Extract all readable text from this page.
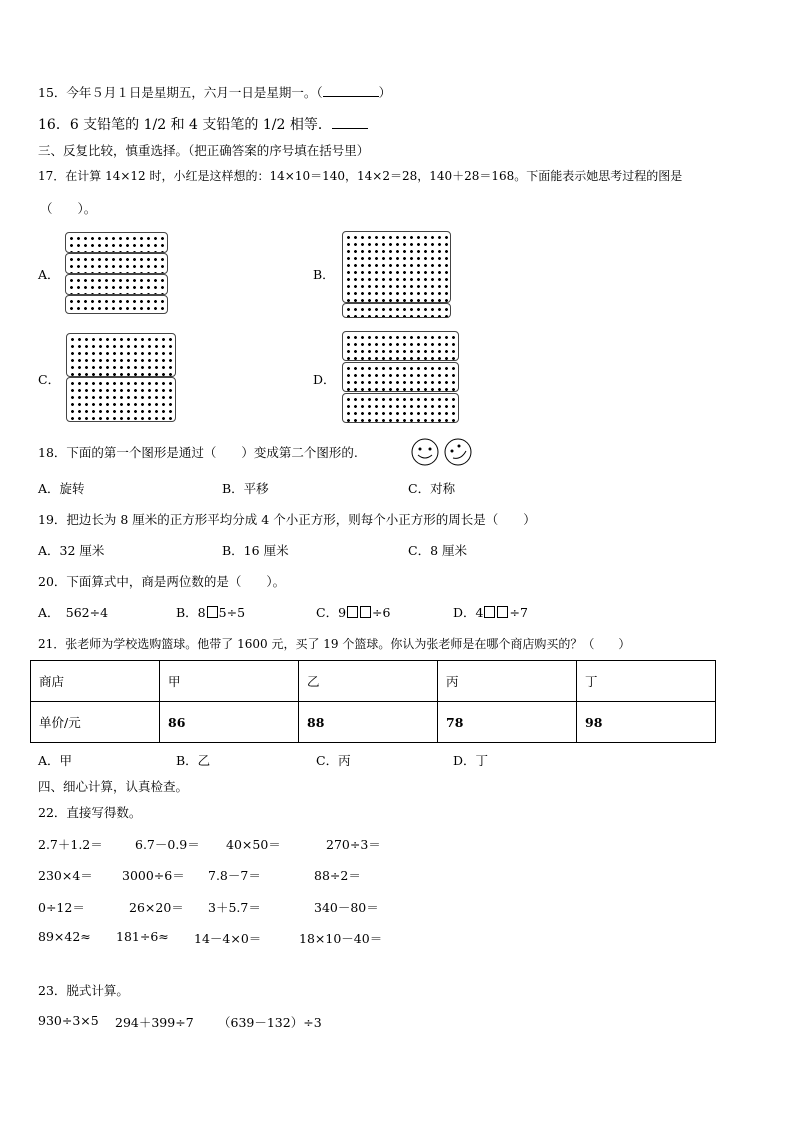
15．今年５月１日是星期五，六月一日是星期一。（	）
16．6 支铅笔的 1/2 和 4 支铅笔的 1/2 相等．
三、反复比较，慎重选择。（把正确答案的序号填在括号里）
17．在计算 14×12 时，小红是这样想的：14×10＝140，14×2＝28，140＋28＝168。下面能表示她思考过程的图是
（　　）。
A．	B．
C．	D．
18．下面的第一个图形是通过（　　）变成第二个图形的.
A．旋转	B．平移	C．对称
19．把边长为 8 厘米的正方形平均分成 4 个小正方形，则每个小正方形的周长是（　　）
A．32 厘米	B．16 厘米	C．8 厘米
20．下面算式中，商是两位数的是（　　）。
A．　562÷4	B．8 5÷5	C．9 ÷6	D．4 ÷7
21．张老师为学校选购篮球。他带了 1600 元，买了 19 个篮球。你认为张老师是在哪个商店购买的？（　　）
商店	甲	乙	丙	丁
单价/元	86	88	78	98
A．甲	B．乙	C．丙	D．丁
四、细心计算，认真检查。
22．直接写得数。
2.7＋1.2＝	6.7－0.9＝ 40×50＝	270÷3＝
230×4＝ 3000÷6＝ 7.8－7＝	88÷2＝
0÷12＝	26×20＝ 3＋5.7＝	340－80＝
89×42≈ 181÷6≈ 14－4×0＝	18×10－40＝
23．脱式计算。
930÷3×5 294＋399÷7 （639－132）÷3
